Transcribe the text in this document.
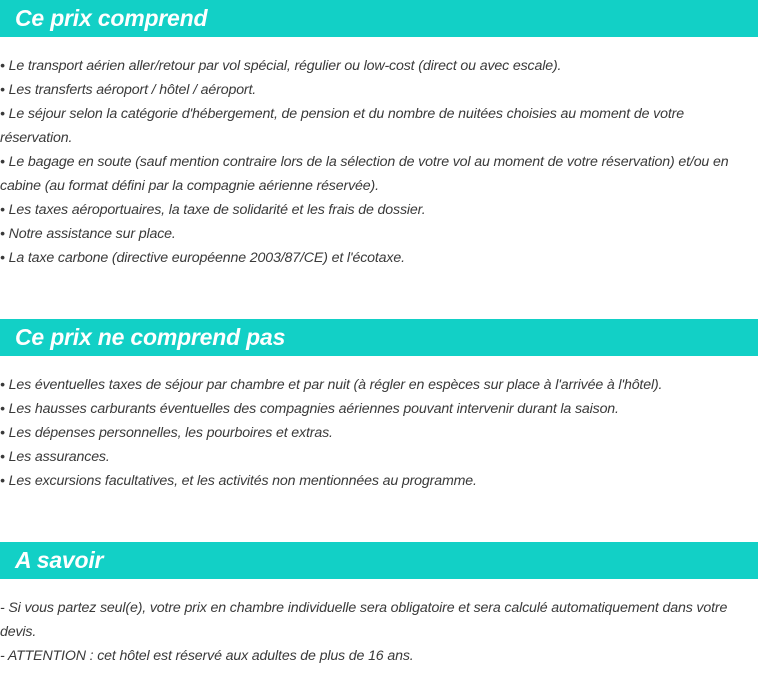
Ce prix comprend
• Le transport aérien aller/retour par vol spécial, régulier ou low-cost (direct ou avec escale).
• Les transferts aéroport / hôtel / aéroport.
• Le séjour selon la catégorie d'hébergement, de pension et du nombre de nuitées choisies au moment de votre réservation.
• Le bagage en soute (sauf mention contraire lors de la sélection de votre vol au moment de votre réservation) et/ou en cabine (au format défini par la compagnie aérienne réservée).
• Les taxes aéroportuaires, la taxe de solidarité et les frais de dossier.
• Notre assistance sur place.
• La taxe carbone (directive européenne 2003/87/CE) et l'écotaxe.
Ce prix ne comprend pas
• Les éventuelles taxes de séjour par chambre et par nuit (à régler en espèces sur place à l'arrivée à l'hôtel).
• Les hausses carburants éventuelles des compagnies aériennes pouvant intervenir durant la saison.
• Les dépenses personnelles, les pourboires et extras.
• Les assurances.
• Les excursions facultatives, et les activités non mentionnées au programme.
A savoir
- Si vous partez seul(e), votre prix en chambre individuelle sera obligatoire et sera calculé automatiquement dans votre devis.
- ATTENTION : cet hôtel est réservé aux adultes de plus de 16 ans.
